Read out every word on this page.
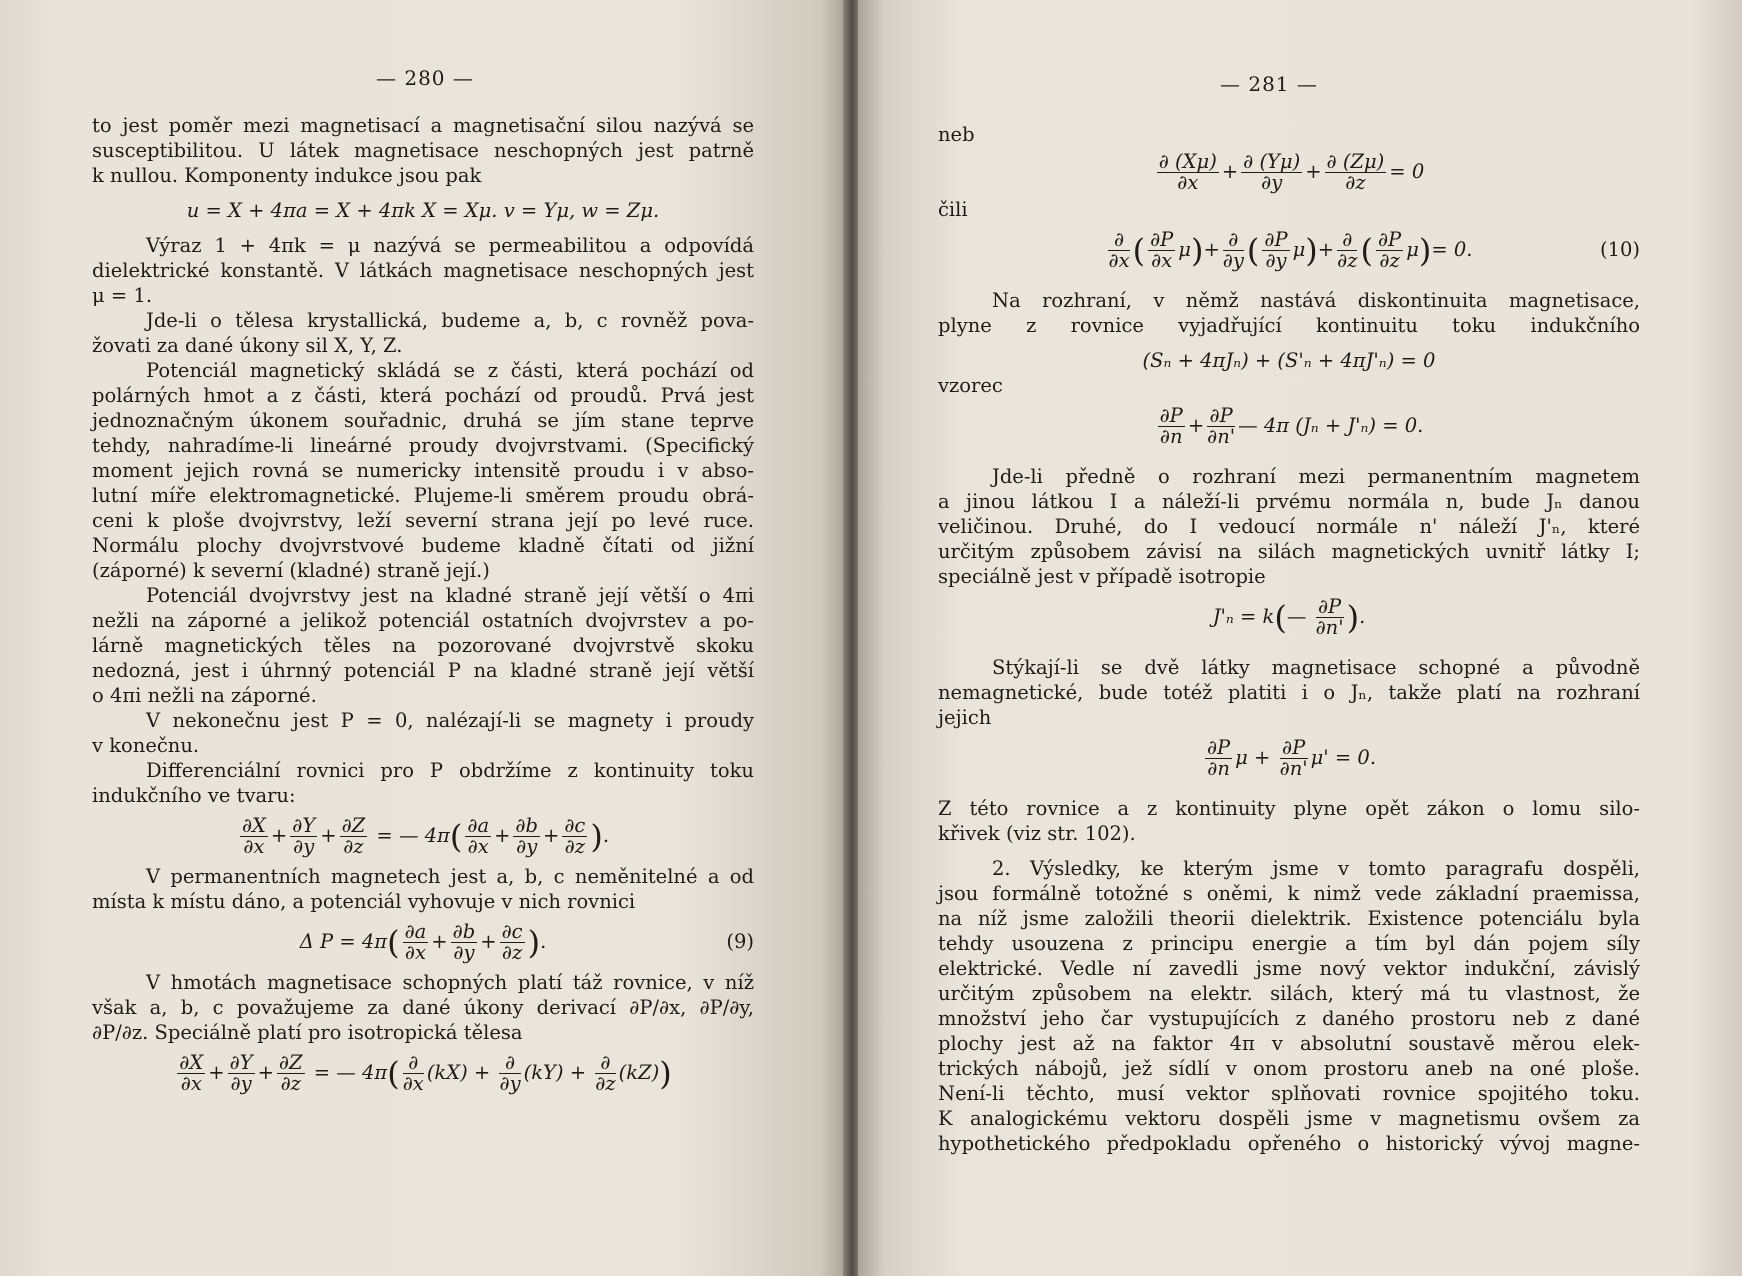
— 280 —
to jest poměr mezi magnetisací a magnetisační silou nazývá se
susceptibilitou. U látek magnetisace neschopných jest patrně
k nullou. Komponenty indukce jsou pak
u = X + 4πa = X + 4πk X = Xμ. v = Yμ, w = Zμ.
Výraz 1 + 4πk = μ nazývá se permeabilitou a odpovídá
dielektrické konstantě. V látkách magnetisace neschopných jest
μ = 1.
Jde-li o tělesa krystallická, budeme a, b, c rovněž pova-
žovati za dané úkony sil X, Y, Z.
Potenciál magnetický skládá se z části, která pochází od
polárných hmot a z části, která pochází od proudů. Prvá jest
jednoznačným úkonem souřadnic, druhá se jím stane teprve
tehdy, nahradíme-li lineárné proudy dvojvrstvami. (Specifický
moment jejich rovná se numericky intensitě proudu i v abso-
lutní míře elektromagnetické. Plujeme-li směrem proudu obrá-
ceni k ploše dvojvrstvy, leží severní strana její po levé ruce.
Normálu plochy dvojvrstvové budeme kladně čítati od jižní
(záporné) k severní (kladné) straně její.)
Potenciál dvojvrstvy jest na kladné straně její větší o 4πi
nežli na záporné a jelikož potenciál ostatních dvojvrstev a po-
lárně magnetických těles na pozorované dvojvrstvě skoku
nedozná, jest i úhrnný potenciál P na kladné straně její větší
o 4πi nežli na záporné.
V nekonečnu jest P = 0, nalézají-li se magnety i proudy
v konečnu.
Differenciální rovnici pro P obdržíme z kontinuity toku
indukčního ve tvaru:
$\frac{\partial X}{\partial x} + \frac{\partial Y}{\partial y} + \frac{\partial Z}{\partial z}$ = — $4\pi( \frac{\partial a}{\partial x} + \frac{\partial b}{\partial y} + \frac{\partial c}{\partial z}$ ).
V permanentních magnetech jest a, b, c neměnitelné a od
místa k místu dáno, a potenciál vyhovuje v nich rovnici
Δ $P = 4\pi( \frac{\partial a}{\partial x} + \frac{\partial b}{\partial y} + \frac{\partial c}{\partial z}$ ).	(9)
V hmotách magnetisace schopných platí táž rovnice, v níž
však a, b, c považujeme za dané úkony derivací ∂P/∂x, ∂P/∂y,
∂P/∂z. Speciálně platí pro isotropická tělesa
$\frac{\partial X}{\partial x} + \frac{\partial Y}{\partial y} + \frac{\partial Z}{\partial z}$ = — $4\pi( \frac{\partial}{\partial x} (kX) + \frac{\partial}{\partial y} (kY) + \frac{\partial}{\partial z} (kZ))$
— 281 —
neb
$\frac{\partial (X\mu)}{\partial x} + \frac{\partial (Y\mu)}{\partial y} + \frac{\partial (Z\mu)}{\partial z} = 0$
čili
$\frac{\partial}{\partial x}$ ( $\frac{\partial P}{\partial x} \mu)+ \frac{\partial}{\partial y}$ ( $\frac{\partial P}{\partial y} \mu)+ \frac{\partial}{\partial z}$ ( $\frac{\partial P}{\partial z} \mu)= 0$.	(10)
Na rozhraní, v němž nastává diskontinuita magnetisace,
plyne z rovnice vyjadřující kontinuitu toku indukčního
(Sₙ + 4πJₙ) + (S'ₙ + 4πJ'ₙ) = 0
vzorec
$\frac{\partial P}{\partial n} + \frac{\partial P}{\partial n'}$ — 4π (Jₙ + J'ₙ) = 0.
Jde-li předně o rozhraní mezi permanentním magnetem
a jinou látkou I a náleží-li prvému normála n, bude Jₙ danou
veličinou. Druhé, do I vedoucí normále n' náleží J'ₙ, které
určitým způsobem závisí na silách magnetických uvnitř látky I;
speciálně jest v případě isotropie
J'ₙ = k(— $\frac{\partial P}{\partial n'}$ ).
Stýkají-li se dvě látky magnetisace schopné a původně
nemagnetické, bude totéž platiti i o Jₙ, takže platí na rozhraní
jejich
$\frac{\partial P}{\partial n}$ $\mu + \frac{\partial P}{\partial n'} \mu' = 0$.
Z této rovnice a z kontinuity plyne opět zákon o lomu silo-
křivek (viz str. 102).
2. Výsledky, ke kterým jsme v tomto paragrafu dospěli,
jsou formálně totožné s oněmi, k nimž vede základní praemissa,
na níž jsme založili theorii dielektrik. Existence potenciálu byla
tehdy usouzena z principu energie a tím byl dán pojem síly
elektrické. Vedle ní zavedli jsme nový vektor indukční, závislý
určitým způsobem na elektr. silách, který má tu vlastnost, že
množství jeho čar vystupujících z daného prostoru neb z dané
plochy jest až na faktor 4π v absolutní soustavě měrou elek-
trických nábojů, jež sídlí v onom prostoru aneb na oné ploše.
Není-li těchto, musí vektor splňovati rovnice spojitého toku.
K analogickému vektoru dospěli jsme v magnetismu ovšem za
hypothetického předpokladu opřeného o historický vývoj magne-
